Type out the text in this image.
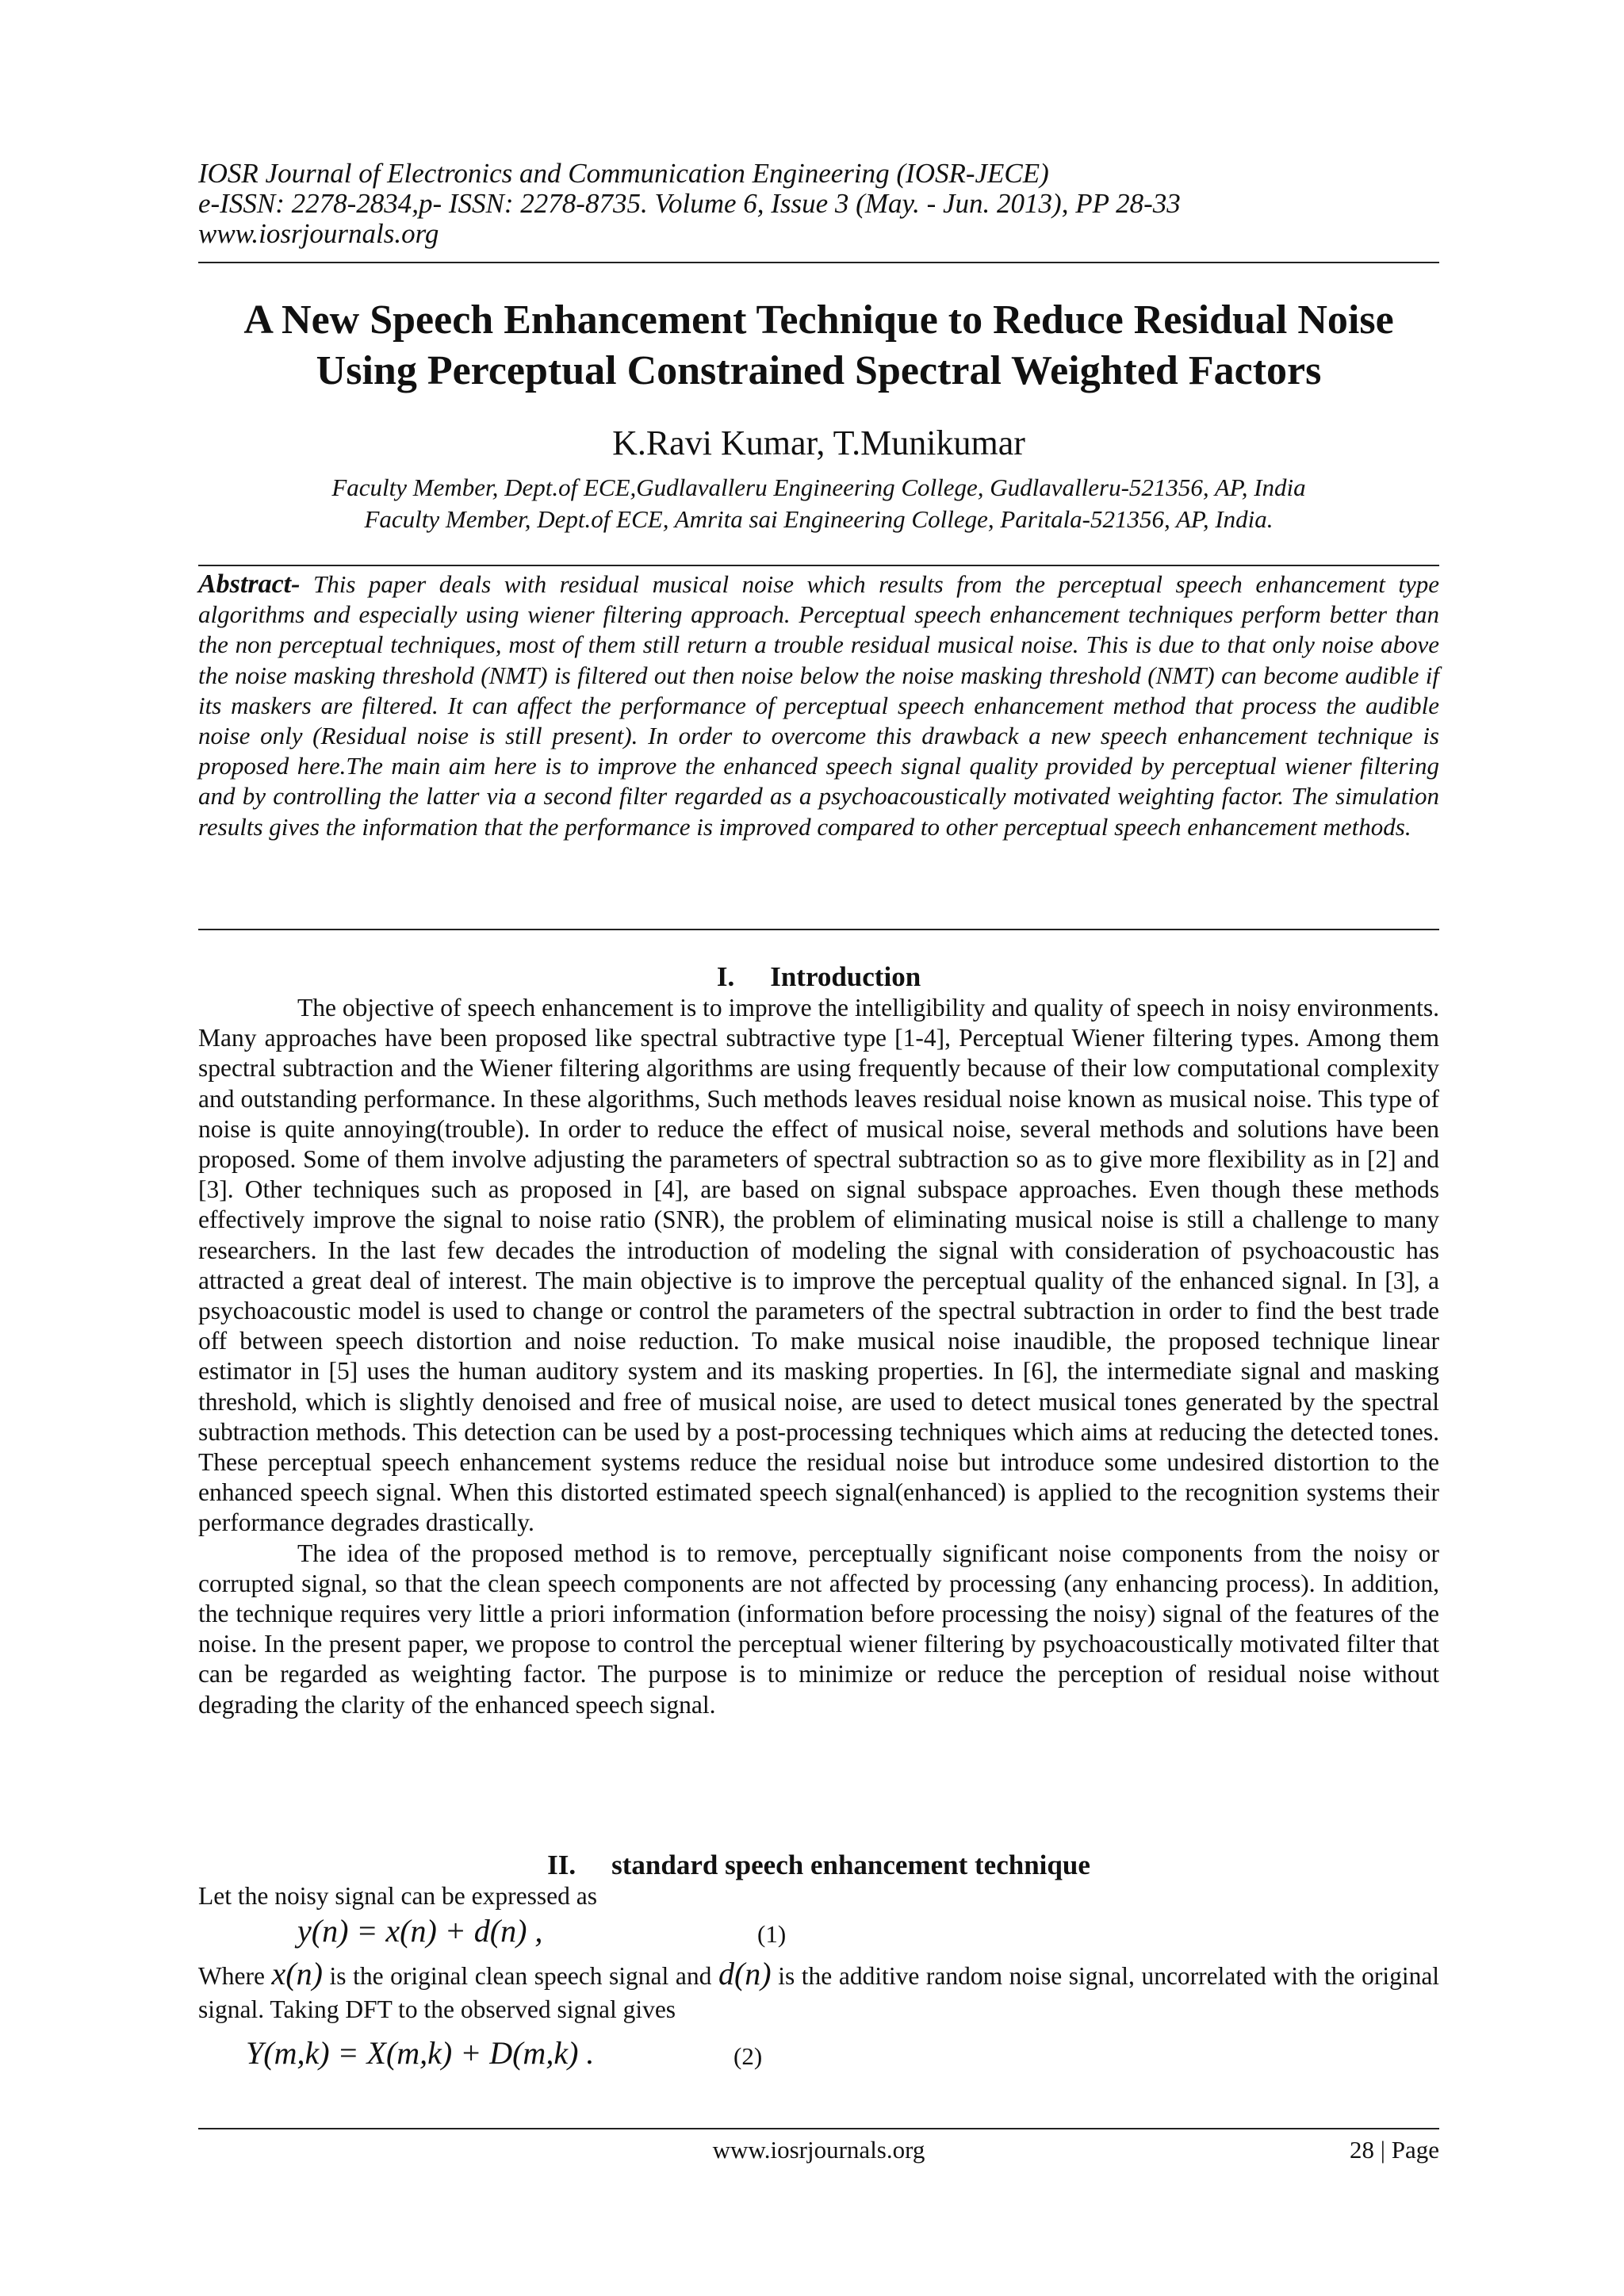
IOSR Journal of Electronics and Communication Engineering (IOSR-JECE)
e-ISSN: 2278-2834,p- ISSN: 2278-8735. Volume 6, Issue 3 (May. - Jun. 2013), PP 28-33
www.iosrjournals.org
A New Speech Enhancement Technique to Reduce Residual Noise
Using Perceptual Constrained Spectral Weighted Factors
K.Ravi Kumar, T.Munikumar
Faculty Member, Dept.of ECE,Gudlavalleru Engineering College, Gudlavalleru-521356, AP, India
Faculty Member, Dept.of ECE, Amrita sai Engineering College, Paritala-521356, AP, India.
Abstract- This paper deals with residual musical noise which results from the perceptual speech enhancement type algorithms and especially using wiener filtering approach. Perceptual speech enhancement techniques perform better than the non perceptual techniques, most of them still return a trouble residual musical noise. This is due to that only noise above the noise masking threshold (NMT) is filtered out then noise below the noise masking threshold (NMT) can become audible if its maskers are filtered. It can affect the performance of perceptual speech enhancement method that process the audible noise only (Residual noise is still present). In order to overcome this drawback a new speech enhancement technique is proposed here.The main aim here is to improve the enhanced speech signal quality provided by perceptual wiener filtering and by controlling the latter via a second filter regarded as a psychoacoustically motivated weighting factor. The simulation results gives the information that the performance is improved compared to other perceptual speech enhancement methods.
I. Introduction

The objective of speech enhancement is to improve the intelligibility and quality of speech in noisy environments. Many approaches have been proposed like spectral subtractive type [1-4], Perceptual Wiener filtering types. Among them spectral subtraction and the Wiener filtering algorithms are using frequently because of their low computational complexity and outstanding performance. In these algorithms, Such methods leaves residual noise known as musical noise. This type of noise is quite annoying(trouble). In order to reduce the effect of musical noise, several methods and solutions have been proposed. Some of them involve adjusting the parameters of spectral subtraction so as to give more flexibility as in [2] and [3]. Other techniques such as proposed in [4], are based on signal subspace approaches. Even though these methods effectively improve the signal to noise ratio (SNR), the problem of eliminating musical noise is still a challenge to many researchers. In the last few decades the introduction of modeling the signal with consideration of psychoacoustic has attracted a great deal of interest. The main objective is to improve the perceptual quality of the enhanced signal. In [3], a psychoacoustic model is used to change or control the parameters of the spectral subtraction in order to find the best trade off between speech distortion and noise reduction. To make musical noise inaudible, the proposed technique linear estimator in [5] uses the human auditory system and its masking properties. In [6], the intermediate signal and masking threshold, which is slightly denoised and free of musical noise, are used to detect musical tones generated by the spectral subtraction methods. This detection can be used by a post-processing techniques which aims at reducing the detected tones. These perceptual speech enhancement systems reduce the residual noise but introduce some undesired distortion to the enhanced speech signal. When this distorted estimated speech signal(enhanced) is applied to the recognition systems their performance degrades drastically.

The idea of the proposed method is to remove, perceptually significant noise components from the noisy or corrupted signal, so that the clean speech components are not affected by processing (any enhancing process). In addition, the technique requires very little a priori information (information before processing the noisy) signal of the features of the noise. In the present paper, we propose to control the perceptual wiener filtering by psychoacoustically motivated filter that can be regarded as weighting factor. The purpose is to minimize or reduce the perception of residual noise without degrading the clarity of the enhanced speech signal.

II. standard speech enhancement technique
Let the noisy signal can be expressed as
y(n) = x(n) + d(n) ,	(1)
Where x(n) is the original clean speech signal and d(n) is the additive random noise signal, uncorrelated with the original signal. Taking DFT to the observed signal gives
Y(m,k) = X(m,k) + D(m,k) .	(2)
www.iosrjournals.org	28 | Page
